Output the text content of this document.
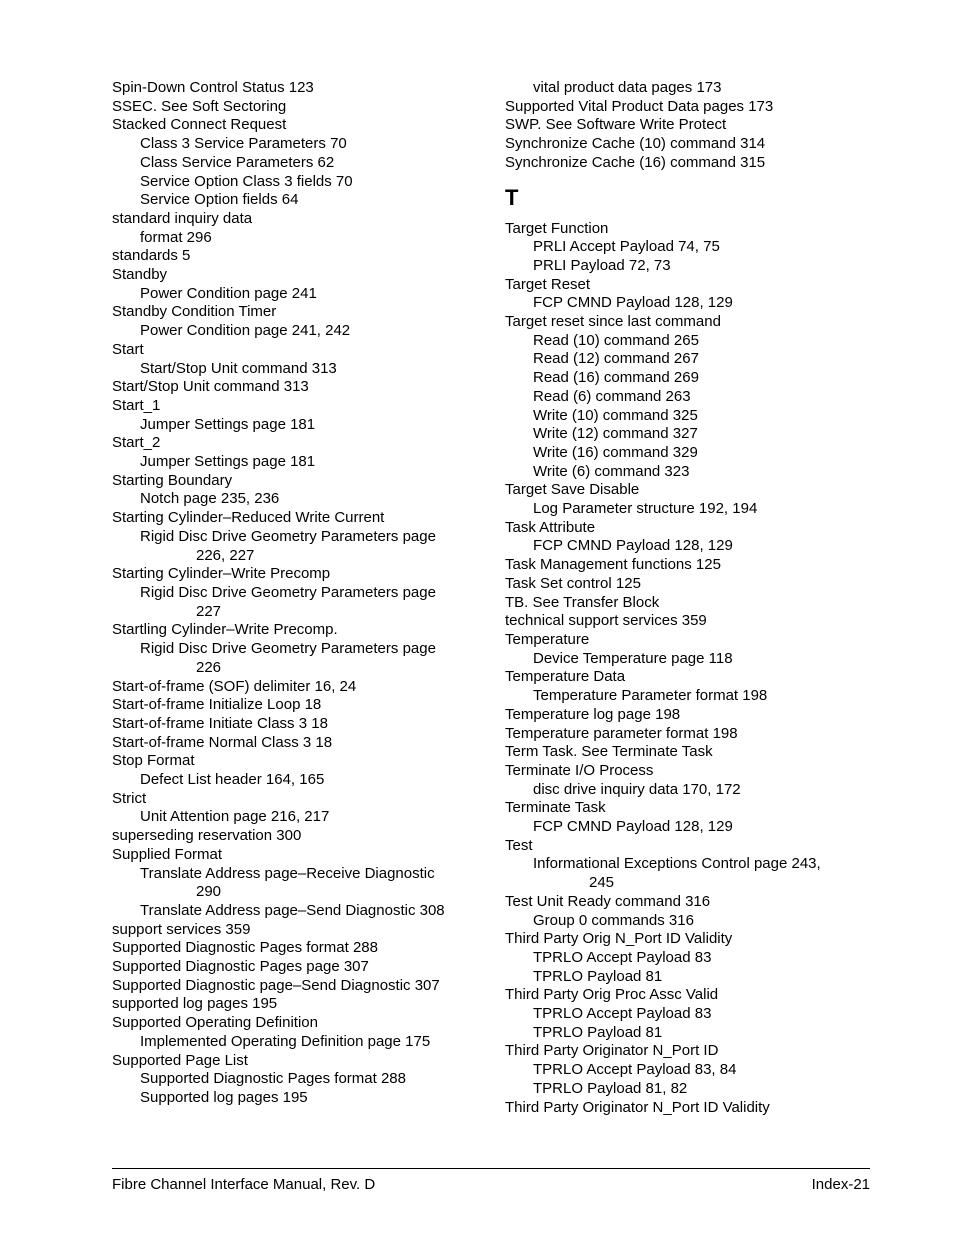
Spin-Down Control Status 123
SSEC. See Soft Sectoring
Stacked Connect Request
Class 3 Service Parameters 70
Class Service Parameters 62
Service Option Class 3 fields 70
Service Option fields 64
standard inquiry data
format 296
standards 5
Standby
Power Condition page 241
Standby Condition Timer
Power Condition page 241, 242
Start
Start/Stop Unit command 313
Start/Stop Unit command 313
Start_1
Jumper Settings page 181
Start_2
Jumper Settings page 181
Starting Boundary
Notch page 235, 236
Starting Cylinder–Reduced Write Current
Rigid Disc Drive Geometry Parameters page
226, 227
Starting Cylinder–Write Precomp
Rigid Disc Drive Geometry Parameters page
227
Startling Cylinder–Write Precomp.
Rigid Disc Drive Geometry Parameters page
226
Start-of-frame (SOF) delimiter 16, 24
Start-of-frame Initialize Loop 18
Start-of-frame Initiate Class 3 18
Start-of-frame Normal Class 3 18
Stop Format
Defect List header 164, 165
Strict
Unit Attention page 216, 217
superseding reservation 300
Supplied Format
Translate Address page–Receive Diagnostic
290
Translate Address page–Send Diagnostic 308
support services 359
Supported Diagnostic Pages format 288
Supported Diagnostic Pages page 307
Supported Diagnostic page–Send Diagnostic 307
supported log pages 195
Supported Operating Definition
Implemented Operating Definition page 175
Supported Page List
Supported Diagnostic Pages format 288
Supported log pages 195
vital product data pages 173
Supported Vital Product Data pages 173
SWP. See Software Write Protect
Synchronize Cache (10) command 314
Synchronize Cache (16) command 315
T
Target Function
PRLI Accept Payload 74, 75
PRLI Payload 72, 73
Target Reset
FCP CMND Payload 128, 129
Target reset since last command
Read (10) command 265
Read (12) command 267
Read (16) command 269
Read (6) command 263
Write (10) command 325
Write (12) command 327
Write (16) command 329
Write (6) command 323
Target Save Disable
Log Parameter structure 192, 194
Task Attribute
FCP CMND Payload 128, 129
Task Management functions 125
Task Set control 125
TB. See Transfer Block
technical support services 359
Temperature
Device Temperature page 118
Temperature Data
Temperature Parameter format 198
Temperature log page 198
Temperature parameter format 198
Term Task. See Terminate Task
Terminate I/O Process
disc drive inquiry data 170, 172
Terminate Task
FCP CMND Payload 128, 129
Test
Informational Exceptions Control page 243,
245
Test Unit Ready command 316
Group 0 commands 316
Third Party Orig N_Port ID Validity
TPRLO Accept Payload 83
TPRLO Payload 81
Third Party Orig Proc Assc Valid
TPRLO Accept Payload 83
TPRLO Payload 81
Third Party Originator N_Port ID
TPRLO Accept Payload 83, 84
TPRLO Payload 81, 82
Third Party Originator N_Port ID Validity
Fibre Channel Interface Manual, Rev. D	Index-21
